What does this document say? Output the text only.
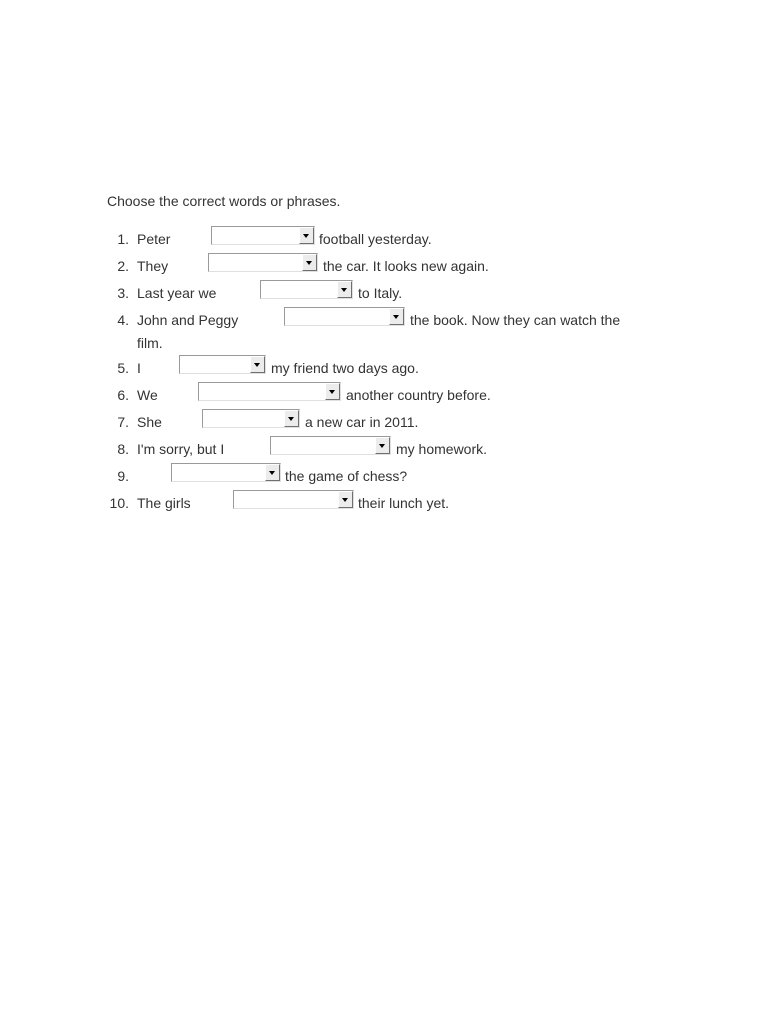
Choose the correct words or phrases.
1. Peter	football yesterday.
2. They	the car. It looks new again.
3. Last year we	to Italy.
4. John and Peggy	the book. Now they can watch the
film.
5. I	my friend two days ago.
6. We	another country before.
7. She	a new car in 2011.
8. I'm sorry, but I	my homework.
9.	the game of chess?
10. The girls	their lunch yet.
